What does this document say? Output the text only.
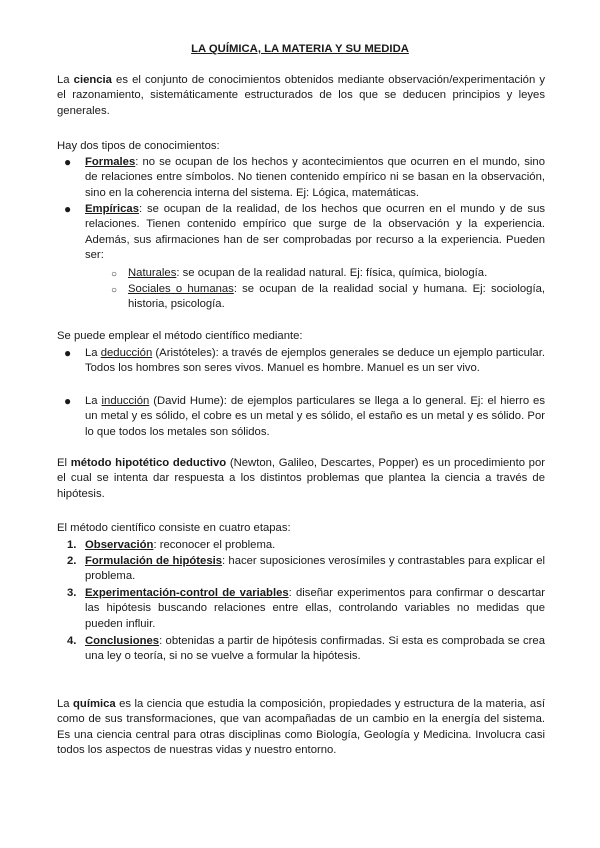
LA QUÍMICA, LA MATERIA Y SU MEDIDA

La ciencia es el conjunto de conocimientos obtenidos mediante observación/experimentación y el razonamiento, sistemáticamente estructurados de los que se deducen principios y leyes generales.

Hay dos tipos de conocimientos:

● Formales: no se ocupan de los hechos y acontecimientos que ocurren en el mundo, sino de relaciones entre símbolos. No tienen contenido empírico ni se basan en la observación, sino en la coherencia interna del sistema. Ej: Lógica, matemáticas.

● Empíricas: se ocupan de la realidad, de los hechos que ocurren en el mundo y de sus relaciones. Tienen contenido empírico que surge de la observación y la experiencia. Además, sus afirmaciones han de ser comprobadas por recurso a la experiencia. Pueden ser:

○ Naturales: se ocupan de la realidad natural. Ej: física, química, biología.

○ Sociales o humanas: se ocupan de la realidad social y humana. Ej: sociología, historia, psicología.

Se puede emplear el método científico mediante:

● La deducción (Aristóteles): a través de ejemplos generales se deduce un ejemplo particular. Todos los hombres son seres vivos. Manuel es hombre. Manuel es un ser vivo.

● La inducción (David Hume): de ejemplos particulares se llega a lo general. Ej: el hierro es un metal y es sólido, el cobre es un metal y es sólido, el estaño es un metal y es sólido. Por lo que todos los metales son sólidos.

El método hipotético deductivo (Newton, Galileo, Descartes, Popper) es un procedimiento por el cual se intenta dar respuesta a los distintos problemas que plantea la ciencia a través de hipótesis.

El método científico consiste en cuatro etapas:

1. Observación: reconocer el problema.

2. Formulación de hipótesis: hacer suposiciones verosímiles y contrastables para explicar el problema.

3. Experimentación-control de variables: diseñar experimentos para confirmar o descartar las hipótesis buscando relaciones entre ellas, controlando variables no medidas que pueden influir.

4. Conclusiones: obtenidas a partir de hipótesis confirmadas. Si esta es comprobada se crea una ley o teoría, si no se vuelve a formular la hipótesis.

La química es la ciencia que estudia la composición, propiedades y estructura de la materia, así como de sus transformaciones, que van acompañadas de un cambio en la energía del sistema. Es una ciencia central para otras disciplinas como Biología, Geología y Medicina. Involucra casi todos los aspectos de nuestras vidas y nuestro entorno.
